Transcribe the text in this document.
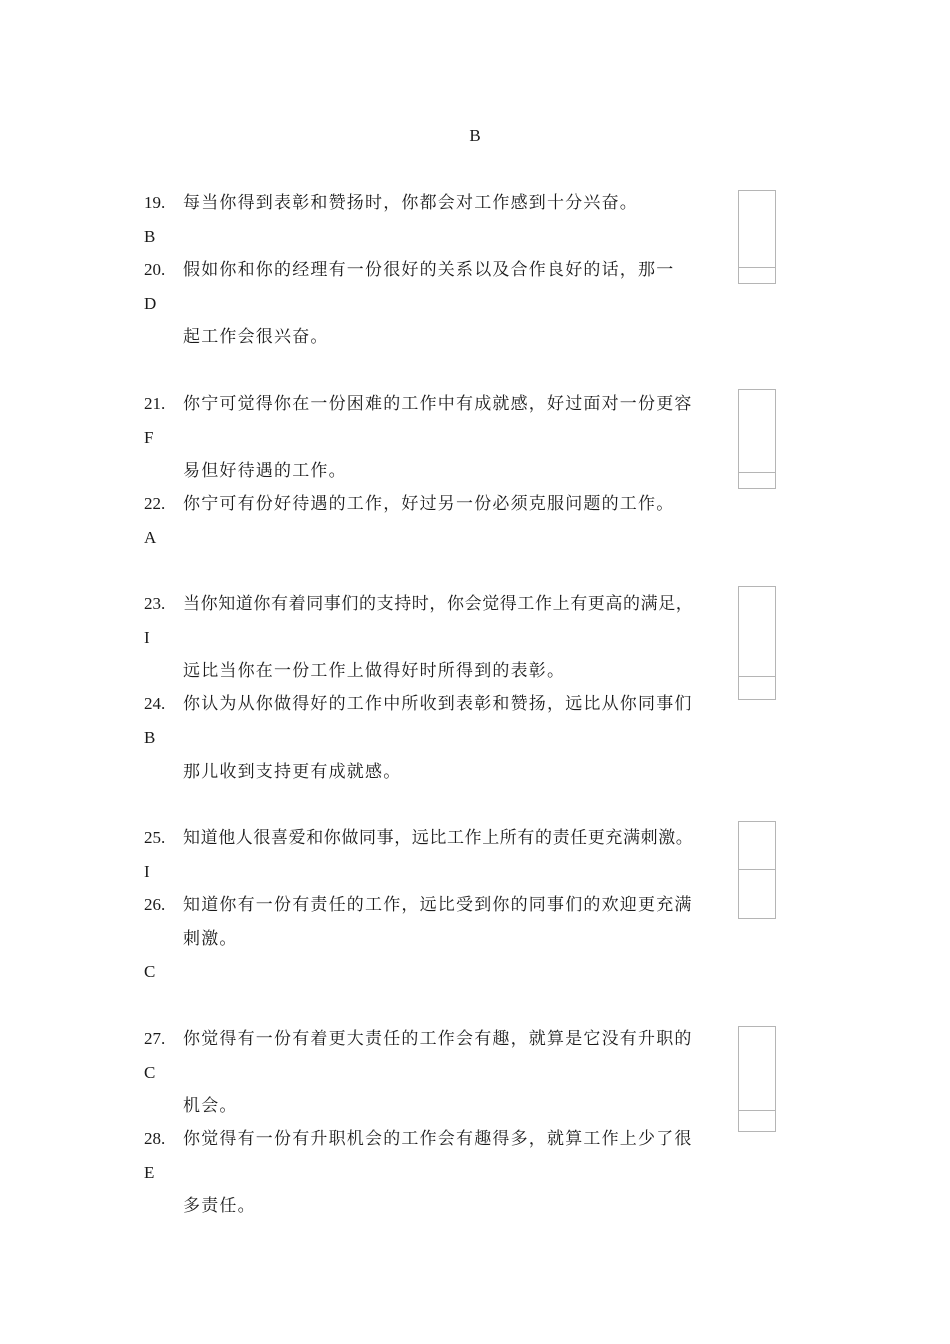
B
19. 每当你得到表彰和赞扬时，你都会对工作感到十分兴奋。
B
20. 假如你和你的经理有一份很好的关系以及合作良好的话，那一
D
起工作会很兴奋。
21. 你宁可觉得你在一份困难的工作中有成就感，好过面对一份更容
F
易但好待遇的工作。
22. 你宁可有份好待遇的工作，好过另一份必须克服问题的工作。
A
23. 当你知道你有着同事们的支持时，你会觉得工作上有更高的满足，
I
远比当你在一份工作上做得好时所得到的表彰。
24. 你认为从你做得好的工作中所收到表彰和赞扬，远比从你同事们
B
那儿收到支持更有成就感。
25. 知道他人很喜爱和你做同事，远比工作上所有的责任更充满刺激。
I
26. 知道你有一份有责任的工作，远比受到你的同事们的欢迎更充满
刺激。
C
27. 你觉得有一份有着更大责任的工作会有趣，就算是它没有升职的
C
机会。
28. 你觉得有一份有升职机会的工作会有趣得多，就算工作上少了很
E
多责任。
